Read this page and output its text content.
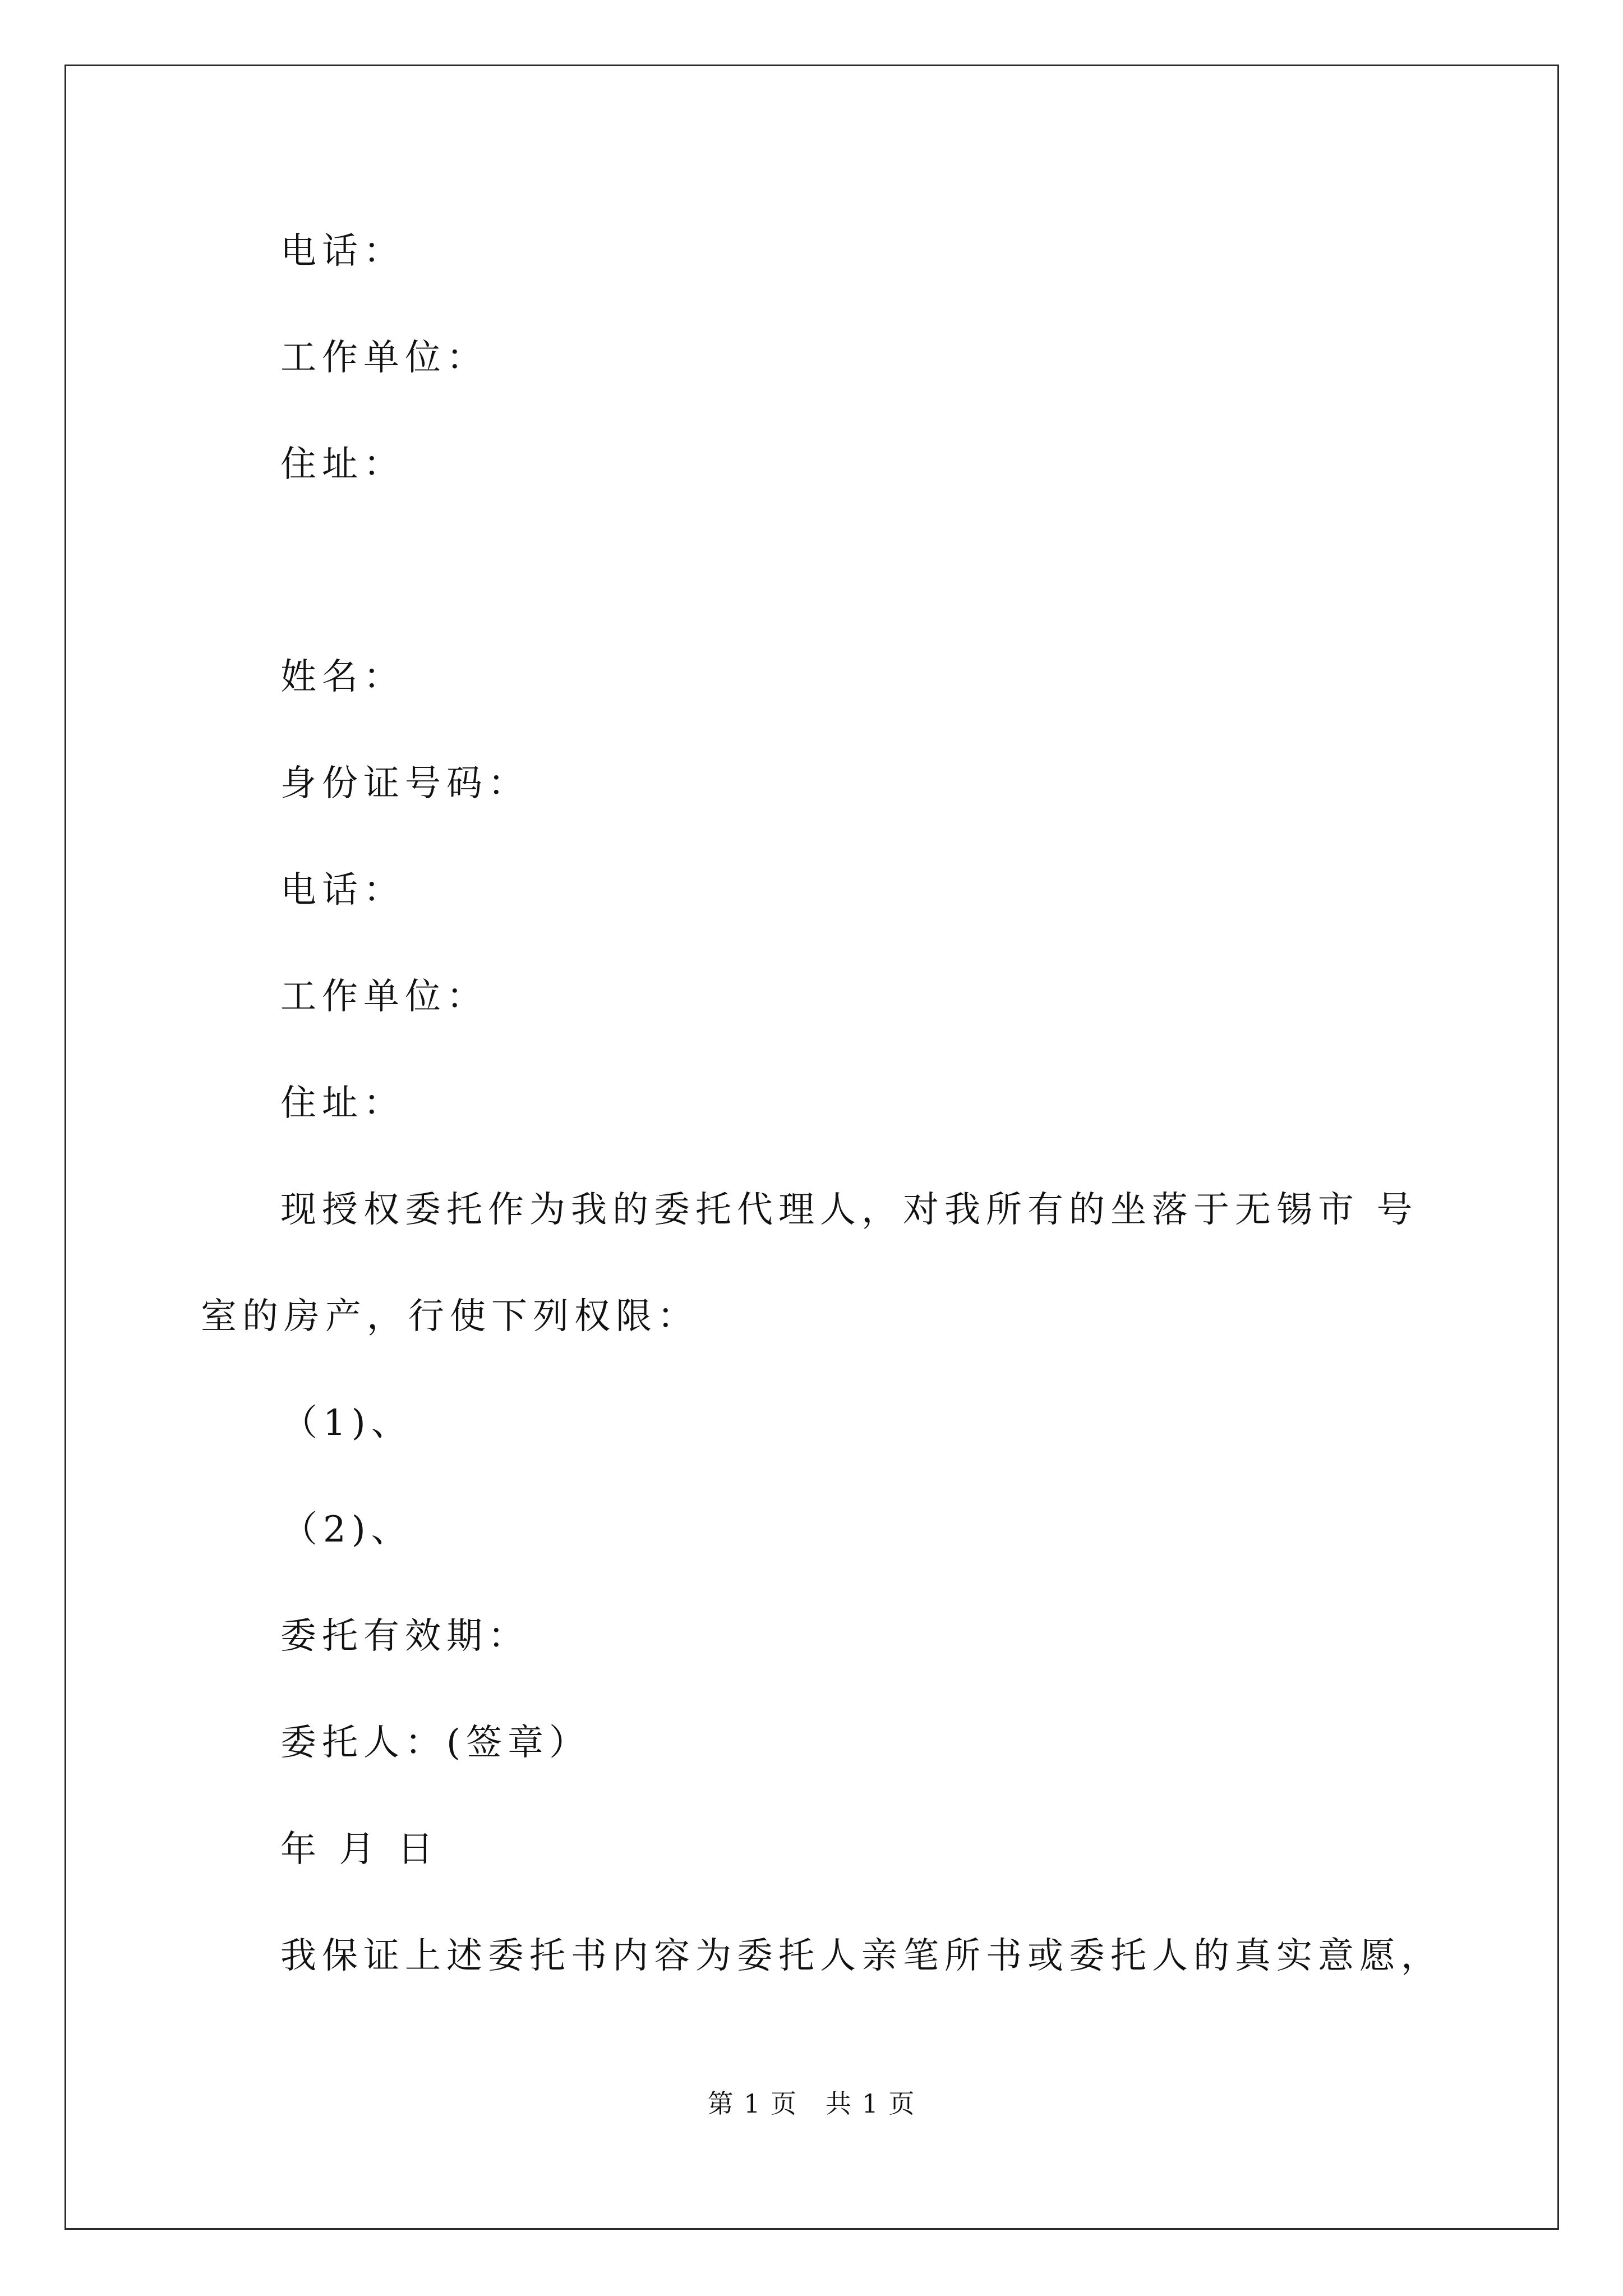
电话：
工作单位：
住址：
姓名：
身份证号码：
电话：
工作单位：
住址：
现授权委托作为我的委托代理人，对我所有的坐落于无锡市 号
室的房产，行使下列权限：
（1)、
（2)、
委托有效期：
委托人：(签章）
年 月 日
我保证上述委托书内容为委托人亲笔所书或委托人的真实意愿，
第 1 页 共 1 页
